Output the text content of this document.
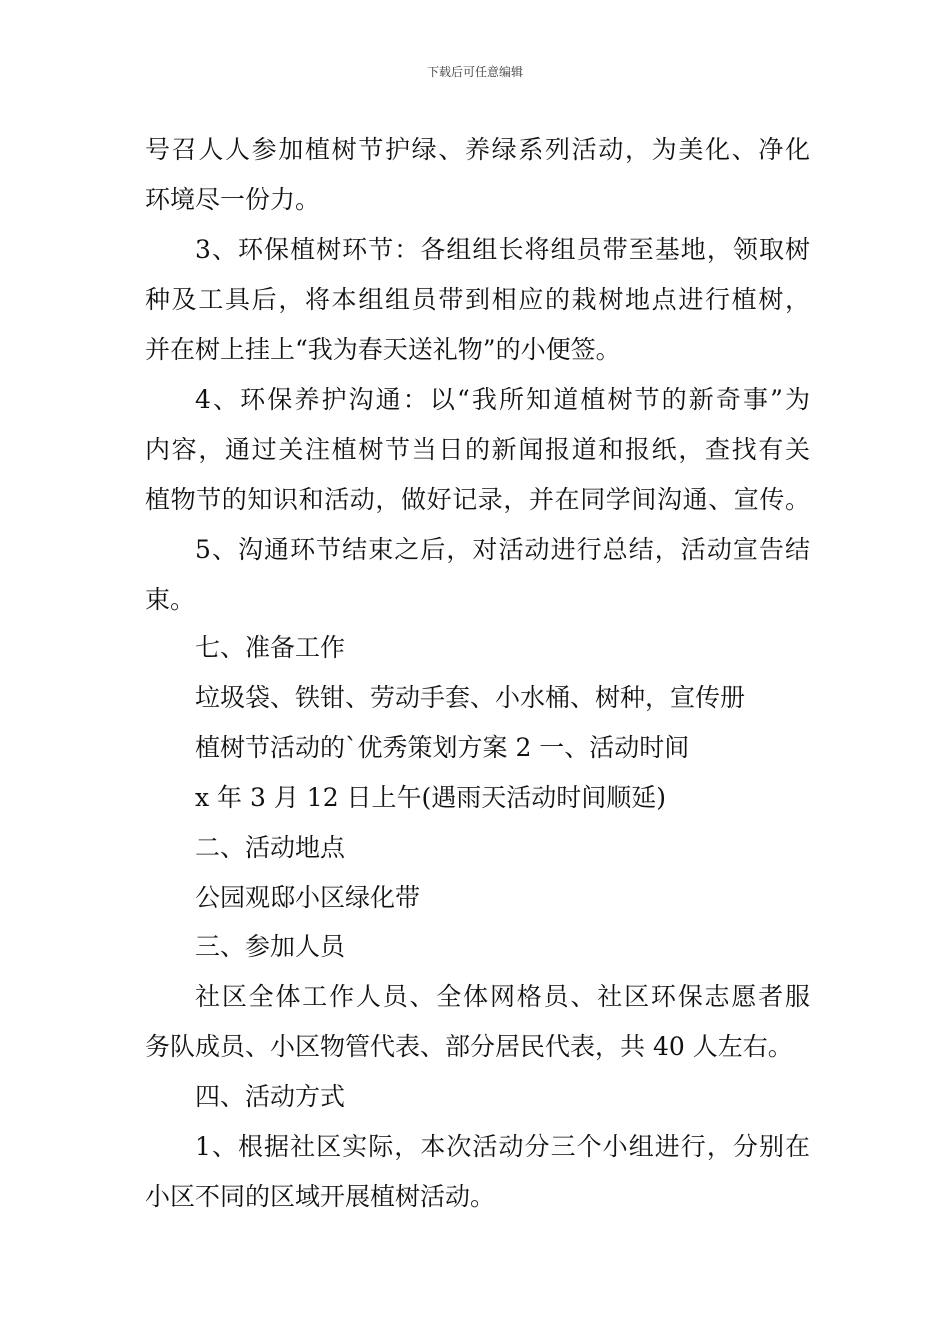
下载后可任意编辑
号召人人参加植树节护绿、养绿系列活动，为美化、净化
环境尽一份力。
3、环保植树环节：各组组长将组员带至基地，领取树
种及工具后，将本组组员带到相应的栽树地点进行植树，
并在树上挂上“我为春天送礼物”的小便签。
4、环保养护沟通：以“我所知道植树节的新奇事”为
内容，通过关注植树节当日的新闻报道和报纸，查找有关
植物节的知识和活动，做好记录，并在同学间沟通、宣传。
5、沟通环节结束之后，对活动进行总结，活动宣告结
束。
七、准备工作
垃圾袋、铁钳、劳动手套、小水桶、树种，宣传册
植树节活动的`优秀策划方案 2 一、活动时间
x 年 3 月 12 日上午(遇雨天活动时间顺延)
二、活动地点
公园观邸小区绿化带
三、参加人员
社区全体工作人员、全体网格员、社区环保志愿者服
务队成员、小区物管代表、部分居民代表，共 40 人左右。
四、活动方式
1、根据社区实际，本次活动分三个小组进行，分别在
小区不同的区域开展植树活动。
